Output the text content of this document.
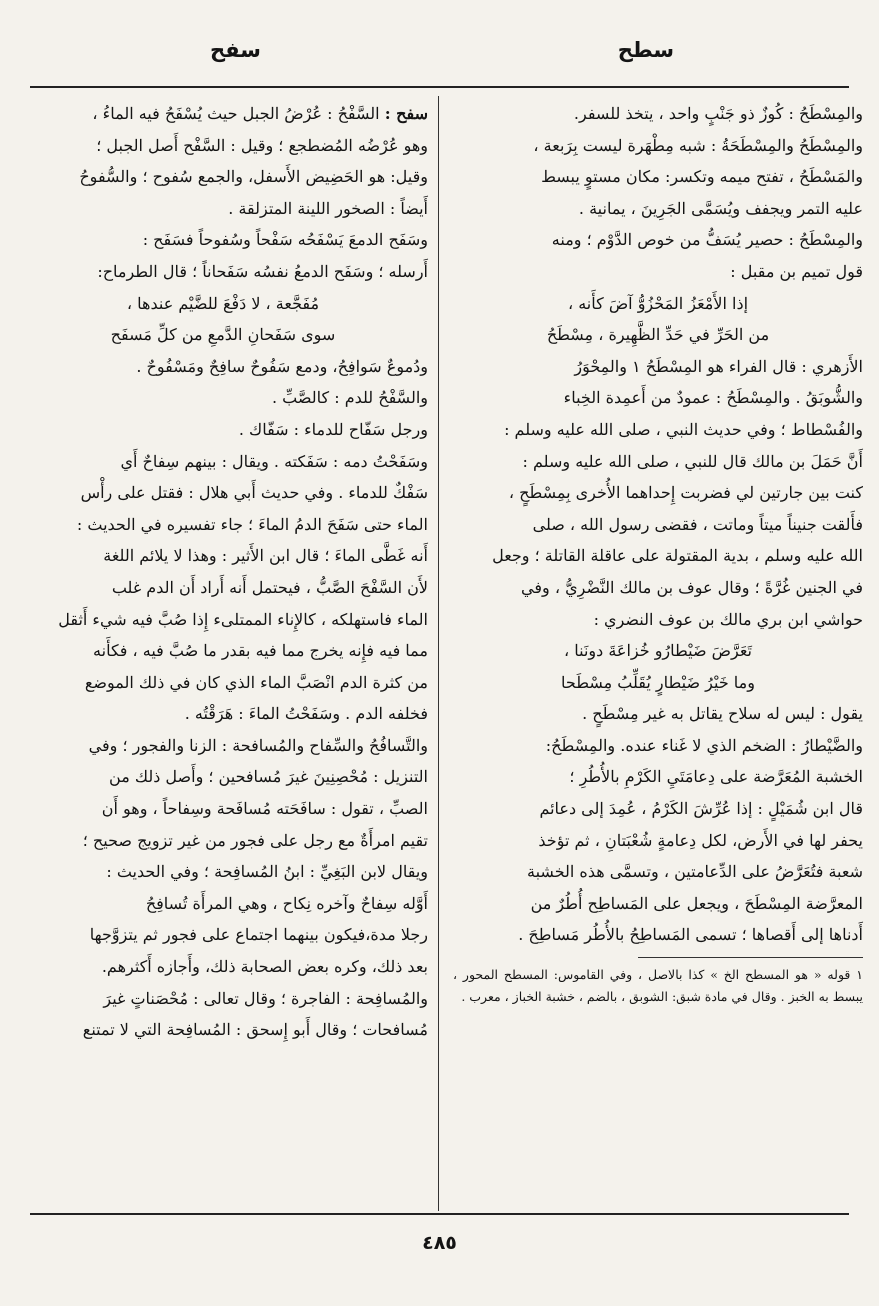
سطح
سفح

والمِسْطَحُ : كُوزٌ ذو جَنْبٍ واحد ، يتخذ للسفر.

والمِسْطَحُ والمِسْطَحَةُ : شبه مِطْهَرة ليست بِرَبعة ،

والمَسْطَحُ ، تفتح ميمه وتكسر: مكان مستوٍ يبسط

عليه التمر ويجفف ويُسَمَّى الجَرِينَ ، يمانية .

والمِسْطَحُ : حصير يُسَفُّ من خوص الدَّوْم ؛ ومنه

قول تميم بن مقبل :

إذا الأَمْعَزُ المَحْزُوُّ آضَ كأَنه ،

من الحَرِّ في حَدِّ الظَّهِيرة ، مِسْطَحُ

الأَزهري : قال الفراء هو المِسْطَحُ ١ والمِحْوَرُ

والشُّوبَقُ . والمِسْطَحُ : عمودٌ من أَعمِدة الخِباء

والفُسْطاط ؛ وفي حديث النبي ، صلى الله عليه وسلم :

أَنَّ حَمَلَ بن مالك قال للنبي ، صلى الله عليه وسلم :

كنت بين جارتين لي فضربت إِحداهما الأُخرى بِمِسْطَحٍ ،

فأَلقت جنيناً ميتاً وماتت ، فقضى رسول الله ، صلى

الله عليه وسلم ، بدية المقتولة على عاقلة القاتلة ؛ وجعل

في الجنين غُرَّةً ؛ وقال عوف بن مالك النَّضْرِيُّ ، وفي

حواشي ابن بري مالك بن عوف النضري :

تَعَرَّضَ ضَيْطارُو خُزاعَةَ دونَنا ،

وما خَيْرُ ضَيْطارٍ يُقَلِّبُ مِسْطَحا

يقول : ليس له سلاح يقاتل به غير مِسْطَحٍ .

والضَّيْطارُ : الضخم الذي لا غَناء عنده. والمِسْطَحُ:

الخشبة المُعَرَّضة على دِعامَتَيِ الكَرْمِ بالأُطُرِ ؛

قال ابن شُمَيْلٍ : إذا عُرِّشَ الكَرْمُ ، عُمِدَ إلى دعائم

يحفر لها في الأَرض، لكل دِعامةٍ شُعْبَتانِ ، ثم تؤخذ

شعبة فتُعَرَّضُ على الدِّعامتين ، وتسمَّى هذه الخشبة

المعرَّضة المِسْطَحَ ، ويجعل على المَساطِح أُطُرٌ من

أَدناها إلى أَقصاها ؛ تسمى المَساطِحُ بالأُطُر مَساطِحَ .

١ قوله « هو المسطح الخ » كذا بالاصل ، وفي القاموس: المسطح المحور ، يبسط به الخبز . وقال في مادة شبق: الشوبق ، بالضم ، خشبة الخباز ، معرب .

سفح : السَّفْحُ : عُرْضُ الجبل حيث يُسْفَحُ فيه الماءُ ،

وهو عُرْضُه المُضطجع ؛ وقيل : السَّفْح أَصل الجبل ؛

وقيل: هو الحَضِيض الأَسفل، والجمع سُفوح ؛ والسُّفوحُ

أَيضاً : الصخور اللينة المتزلقة .

وسَفَح الدمعَ يَسْفَحُه سَفْحاً وسُفوحاً فسَفَح :

أَرسله ؛ وسَفَح الدمعُ نفسُه سَفَحاناً ؛ قال الطرماح:

مُفَجَّعة ، لا دَفْعَ للضَّيْم عندها ،

سوى سَفَحانِ الدَّمعِ من كلِّ مَسفَح

ودُموعٌ سَوافِحُ، ودمع سَفُوحٌ سافِحٌ ومَسْفُوحٌ .

والسَّفْحُ للدم : كالصَّبِّ .

ورجل سَفّاح للدماء : سَفّاك .

وسَفَحْتُ دمه : سَفَكته . ويقال : بينهم سِفاحٌ أَي

سَفْكٌ للدماء . وفي حديث أَبي هلال : فقتل على رأْس

الماء حتى سَفَحَ الدمُ الماءَ ؛ جاء تفسيره في الحديث :

أَنه غَطَّى الماءَ ؛ قال ابن الأَثير : وهذا لا يلائم اللغة

لأَن السَّفْحَ الصَّبُّ ، فيحتمل أَنه أَراد أَن الدم غلب

الماء فاستهلكه ، كالإِناء الممتلىء إِذا صُبَّ فيه شيء أَثقل

مما فيه فإِنه يخرج مما فيه بقدر ما صُبَّ فيه ، فكأَنه

من كثرة الدم انْصَبَّ الماء الذي كان في ذلك الموضع

فخلفه الدم . وسَفَحْتُ الماءَ : هَرَقْتُه .

والتَّسافُحُ والسِّفاح والمُسافحة : الزنا والفجور ؛ وفي

التنزيل : مُحْصِنِينَ غيرَ مُسافحين ؛ وأَصل ذلك من

الصبِّ ، تقول : سافَحَته مُسافَحة وسِفاحاً ، وهو أَن

تقيم امرأَةٌ مع رجل على فجور من غير تزويج صحيح ؛

ويقال لابن البَغِيِّ : ابنُ المُسافِحة ؛ وفي الحديث :

أَوَّله سِفاحٌ وآخره نِكاح ، وهي المرأَة تُسافِحُ

رجلا مدة،فيكون بينهما اجتماع على فجور ثم يتزوَّجها

بعد ذلك، وكره بعض الصحابة ذلك، وأَجازه أَكثرهم.

والمُسافِحة : الفاجرة ؛ وقال تعالى : مُحْصَناتٍ غيرَ

مُسافحات ؛ وقال أَبو إِسحق : المُسافِحة التي لا تمتنع

٤٨٥
